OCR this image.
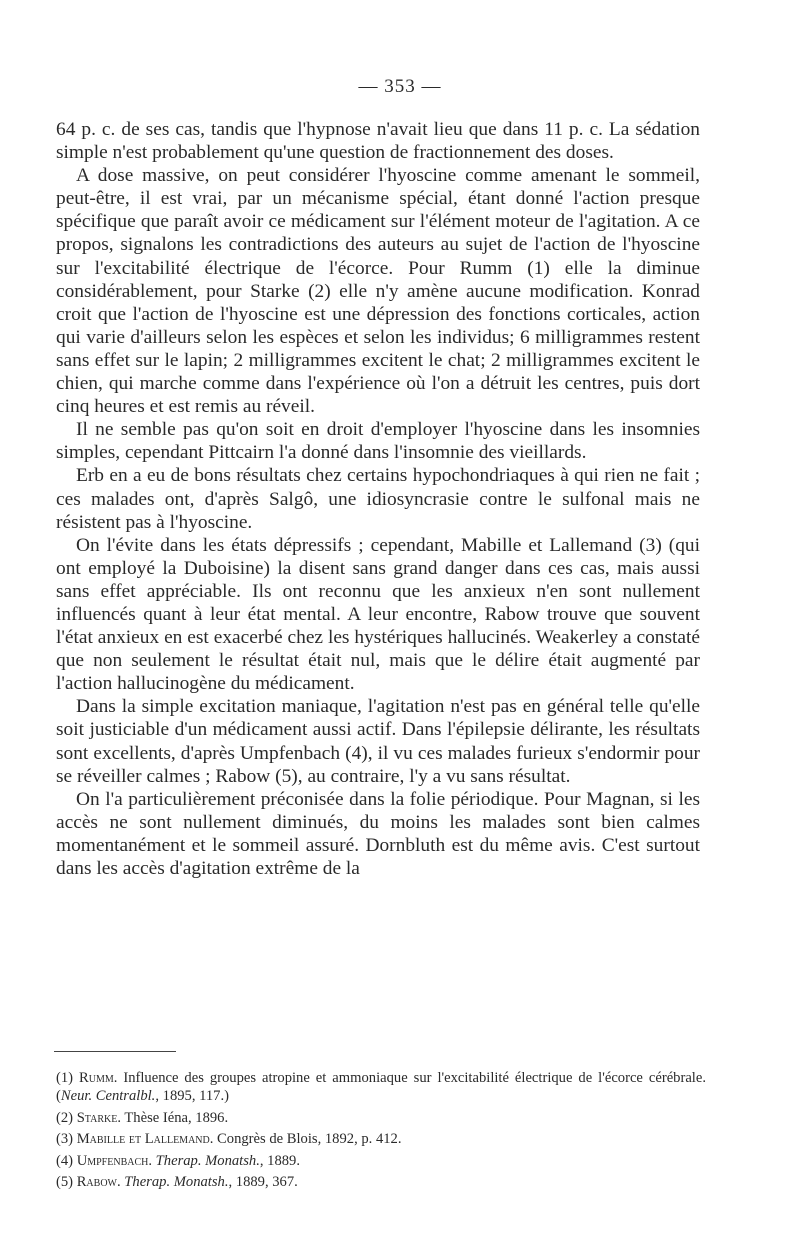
— 353 —

64 p. c. de ses cas, tandis que l'hypnose n'avait lieu que dans 11 p. c. La sédation simple n'est probablement qu'une question de fractionnement des doses.

A dose massive, on peut considérer l'hyoscine comme amenant le sommeil, peut-être, il est vrai, par un mécanisme spécial, étant donné l'action presque spécifique que paraît avoir ce médicament sur l'élément moteur de l'agitation. A ce propos, signalons les contradictions des auteurs au sujet de l'action de l'hyoscine sur l'excitabilité électrique de l'écorce. Pour Rumm (1) elle la diminue considérablement, pour Starke (2) elle n'y amène aucune modification. Konrad croit que l'action de l'hyoscine est une dépression des fonctions corticales, action qui varie d'ailleurs selon les espèces et selon les individus; 6 milligrammes restent sans effet sur le lapin; 2 milligrammes excitent le chat; 2 milligrammes excitent le chien, qui marche comme dans l'expérience où l'on a détruit les centres, puis dort cinq heures et est remis au réveil.

Il ne semble pas qu'on soit en droit d'employer l'hyoscine dans les insomnies simples, cependant Pittcairn l'a donné dans l'insomnie des vieillards.

Erb en a eu de bons résultats chez certains hypochondriaques à qui rien ne fait ; ces malades ont, d'après Salgô, une idiosyncrasie contre le sulfonal mais ne résistent pas à l'hyoscine.

On l'évite dans les états dépressifs ; cependant, Mabille et Lallemand (3) (qui ont employé la Duboisine) la disent sans grand danger dans ces cas, mais aussi sans effet appréciable. Ils ont reconnu que les anxieux n'en sont nullement influencés quant à leur état mental. A leur encontre, Rabow trouve que souvent l'état anxieux en est exacerbé chez les hystériques hallucinés. Weakerley a constaté que non seulement le résultat était nul, mais que le délire était augmenté par l'action hallucinogène du médicament.

Dans la simple excitation maniaque, l'agitation n'est pas en général telle qu'elle soit justiciable d'un médicament aussi actif. Dans l'épilepsie délirante, les résultats sont excellents, d'après Umpfenbach (4), il vu ces malades furieux s'endormir pour se réveiller calmes ; Rabow (5), au contraire, l'y a vu sans résultat.

On l'a particulièrement préconisée dans la folie périodique. Pour Magnan, si les accès ne sont nullement diminués, du moins les malades sont bien calmes momentanément et le sommeil assuré. Dornbluth est du même avis. C'est surtout dans les accès d'agitation extrême de la

(1) Rumm. Influence des groupes atropine et ammoniaque sur l'excitabilité électrique de l'écorce cérébrale. (Neur. Centralbl., 1895, 117.)

(2) Starke. Thèse Iéna, 1896.

(3) Mabille et Lallemand. Congrès de Blois, 1892, p. 412.

(4) Umpfenbach. Therap. Monatsh., 1889.

(5) Rabow. Therap. Monatsh., 1889, 367.
